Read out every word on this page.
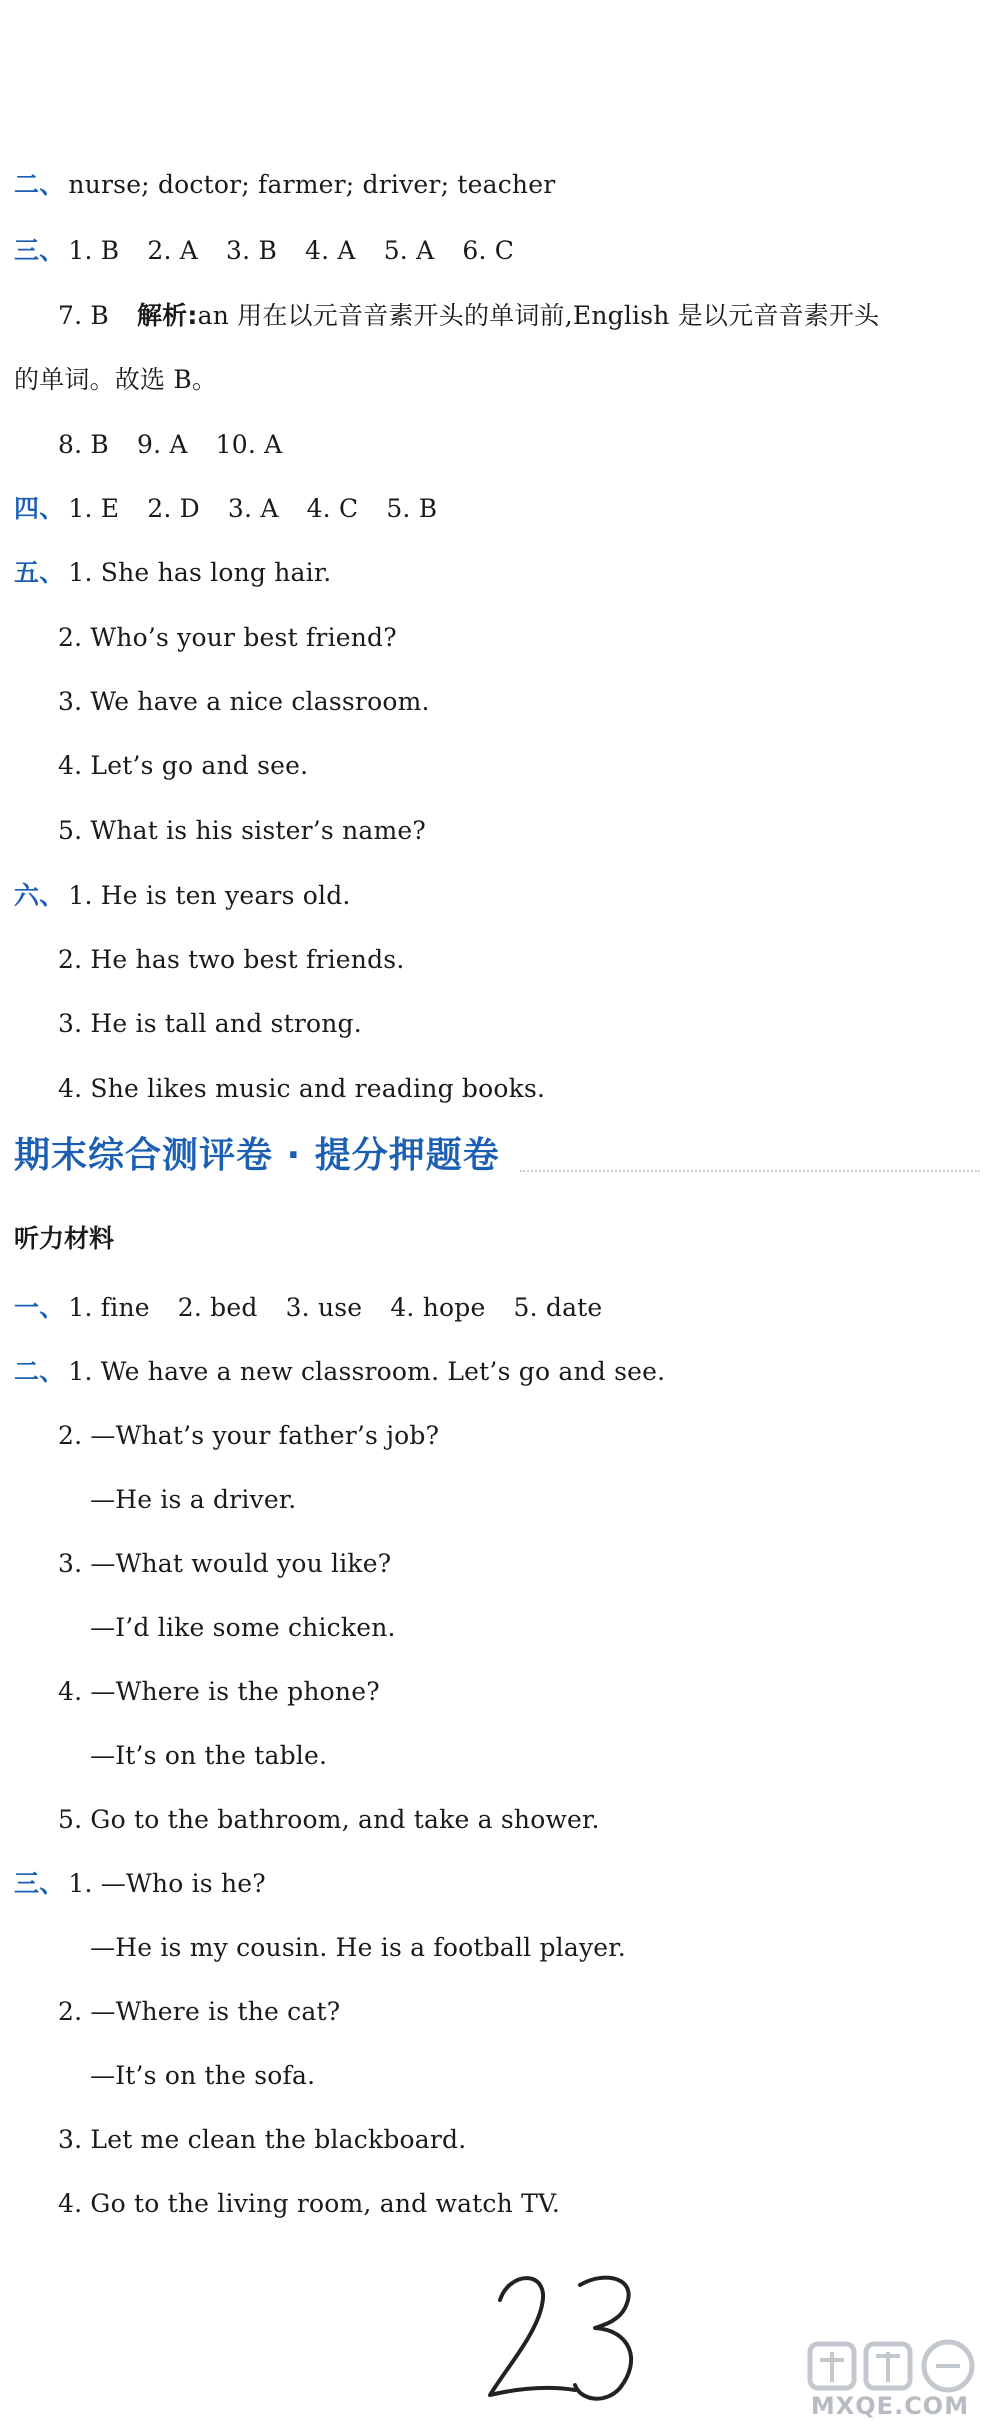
二、 nurse; doctor; farmer; driver; teacher
三、 1. B 2. A 3. B 4. A 5. A 6. C
7. B 解析:an 用在以元音音素开头的单词前,English 是以元音音素开头
的单词。故选 B。
8. B 9. A 10. A
四、 1. E 2. D 3. A 4. C 5. B
五、 1. She has long hair.
2. Who’s your best friend?
3. We have a nice classroom.
4. Let’s go and see.
5. What is his sister’s name?
六、 1. He is ten years old.
2. He has two best friends.
3. He is tall and strong.
4. She likes music and reading books.
期末综合测评卷 · 提分押题卷
听力材料
一、 1. fine 2. bed 3. use 4. hope 5. date
二、 1. We have a new classroom. Let’s go and see.
2. —What’s your father’s job?
—He is a driver.
3. —What would you like?
—I’d like some chicken.
4. —Where is the phone?
—It’s on the table.
5. Go to the bathroom, and take a shower.
三、 1. —Who is he?
—He is my cousin. He is a football player.
2. —Where is the cat?
—It’s on the sofa.
3. Let me clean the blackboard.
4. Go to the living room, and watch TV.
MXQE.COM
